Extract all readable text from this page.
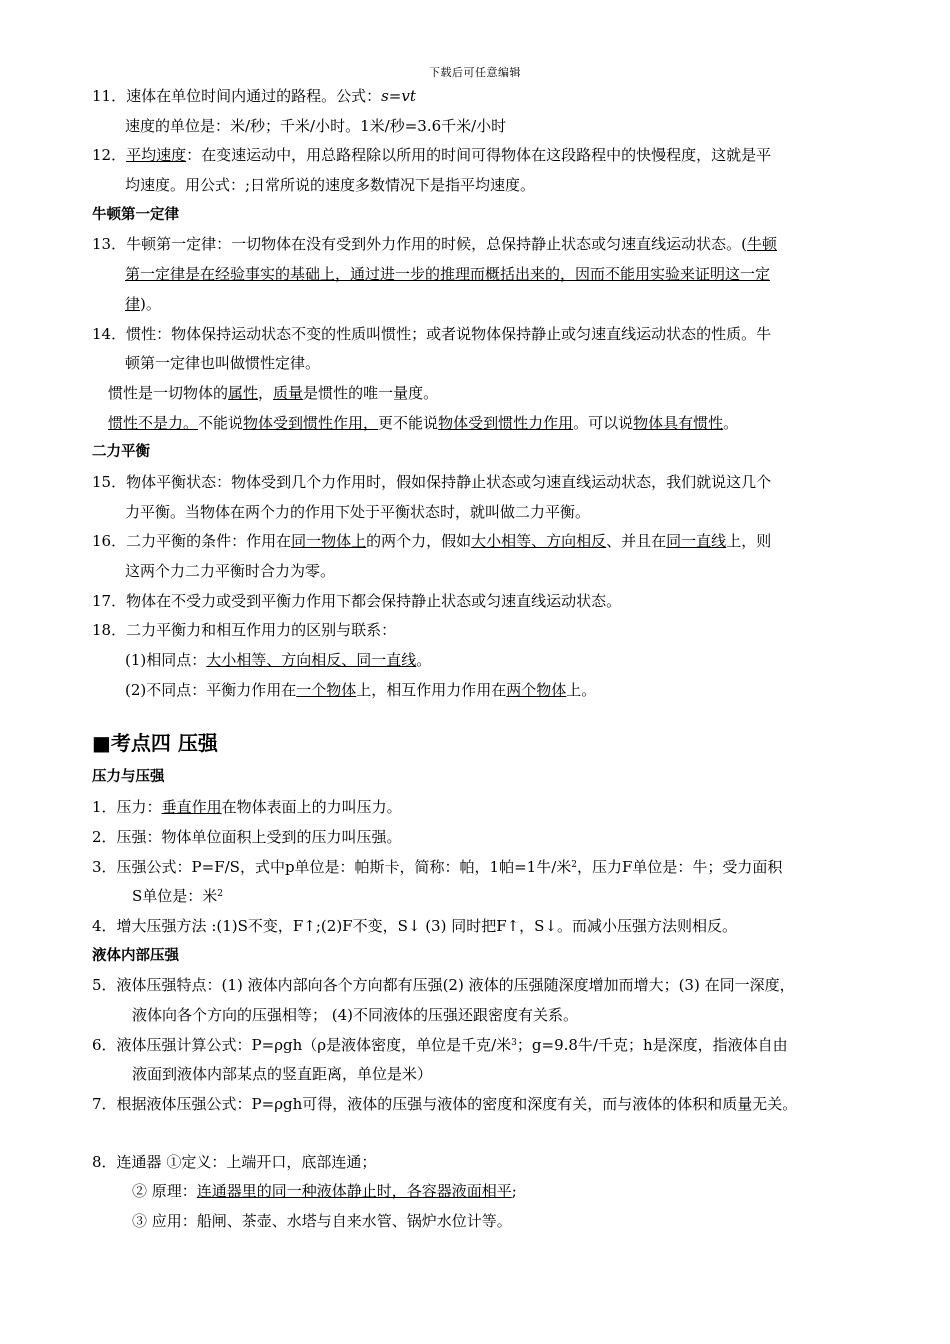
下载后可任意编辑
11．速体在单位时间内通过的路程。公式：s=vt
速度的单位是：米/秒；千米/小时。1米/秒=3.6千米/小时
12．平均速度：在变速运动中，用总路程除以所用的时间可得物体在这段路程中的快慢程度，这就是平
均速度。用公式：;日常所说的速度多数情况下是指平均速度。
牛顿第一定律
13．牛顿第一定律：一切物体在没有受到外力作用的时候，总保持静止状态或匀速直线运动状态。(牛顿
第一定律是在经验事实的基础上，通过进一步的推理而概括出来的，因而不能用实验来证明这一定
律)。
14．惯性：物体保持运动状态不变的性质叫惯性；或者说物体保持静止或匀速直线运动状态的性质。牛
顿第一定律也叫做惯性定律。
惯性是一切物体的属性，质量是惯性的唯一量度。
惯性不是力。不能说物体受到惯性作用，更不能说物体受到惯性力作用。可以说物体具有惯性。
二力平衡
15．物体平衡状态：物体受到几个力作用时，假如保持静止状态或匀速直线运动状态，我们就说这几个
力平衡。当物体在两个力的作用下处于平衡状态时，就叫做二力平衡。
16．二力平衡的条件：作用在同一物体上的两个力，假如大小相等、方向相反、并且在同一直线上，则
这两个力二力平衡时合力为零。
17．物体在不受力或受到平衡力作用下都会保持静止状态或匀速直线运动状态。
18．二力平衡力和相互作用力的区别与联系：
(1)相同点：大小相等、方向相反、同一直线。
(2)不同点：平衡力作用在一个物体上，相互作用力作用在两个物体上。
■考点四 压强
压力与压强
1．压力：垂直作用在物体表面上的力叫压力。
2．压强：物体单位面积上受到的压力叫压强。
3．压强公式：P=F/S，式中p单位是：帕斯卡，简称：帕，1帕=1牛/米$^2$，压力F单位是：牛；受力面积
S单位是：米$^2$
4．增大压强方法 :(1)S不变，F↑;(2)F不变，S↓ (3) 同时把F↑，S↓。而减小压强方法则相反。
液体内部压强
5．液体压强特点：(1) 液体内部向各个方向都有压强(2) 液体的压强随深度增加而增大；(3) 在同一深度，
液体向各个方向的压强相等； (4)不同液体的压强还跟密度有关系。
6．液体压强计算公式：P=ρgh（ρ是液体密度，单位是千克/米$^3$；g=9.8牛/千克；h是深度，指液体自由
液面到液体内部某点的竖直距离，单位是米）
7．根据液体压强公式：P=ρgh可得，液体的压强与液体的密度和深度有关，而与液体的体积和质量无关。
8．连通器 ①定义：上端开口，底部连通；
② 原理：连通器里的同一种液体静止时，各容器液面相平;
③ 应用：船闸、茶壶、水塔与自来水管、锅炉水位计等。
